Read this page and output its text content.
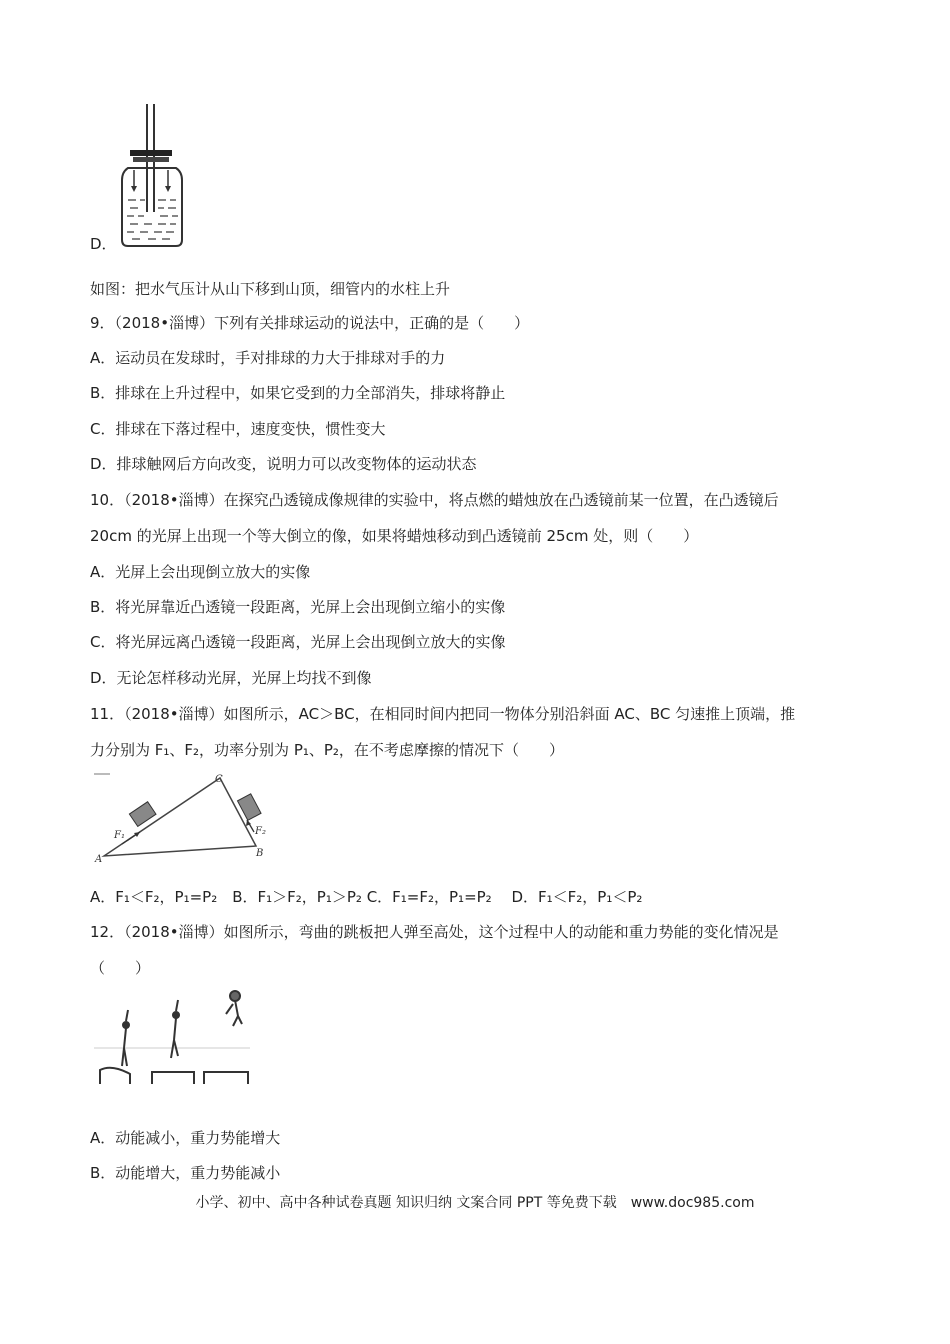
D．
如图：把水气压计从山下移到山顶，细管内的水柱上升
9．（2018•淄博）下列有关排球运动的说法中，正确的是（　　）
A．运动员在发球时，手对排球的力大于排球对手的力
B．排球在上升过程中，如果它受到的力全部消失，排球将静止
C．排球在下落过程中，速度变快，惯性变大
D．排球触网后方向改变，说明力可以改变物体的运动状态
10．（2018•淄博）在探究凸透镜成像规律的实验中，将点燃的蜡烛放在凸透镜前某一位置，在凸透镜后
20cm 的光屏上出现一个等大倒立的像，如果将蜡烛移动到凸透镜前 25cm 处，则（　　）
A．光屏上会出现倒立放大的实像
B．将光屏靠近凸透镜一段距离，光屏上会出现倒立缩小的实像
C．将光屏远离凸透镜一段距离，光屏上会出现倒立放大的实像
D．无论怎样移动光屏，光屏上均找不到像
11．（2018•淄博）如图所示，AC＞BC，在相同时间内把同一物体分别沿斜面 AC、BC 匀速推上顶端，推
力分别为 F₁、F₂，功率分别为 P₁、P₂，在不考虑摩擦的情况下（　　）
F₁	F₂
A
B
C
A．F₁＜F₂，P₁=P₂　B．F₁＞F₂，P₁＞P₂ C．F₁=F₂，P₁=P₂　 D．F₁＜F₂，P₁＜P₂
12．（2018•淄博）如图所示，弯曲的跳板把人弹至高处，这个过程中人的动能和重力势能的变化情况是
（　　）
A．动能减小，重力势能增大
B．动能增大，重力势能减小
小学、初中、高中各种试卷真题 知识归纳 文案合同 PPT 等免费下载　www.doc985.com
